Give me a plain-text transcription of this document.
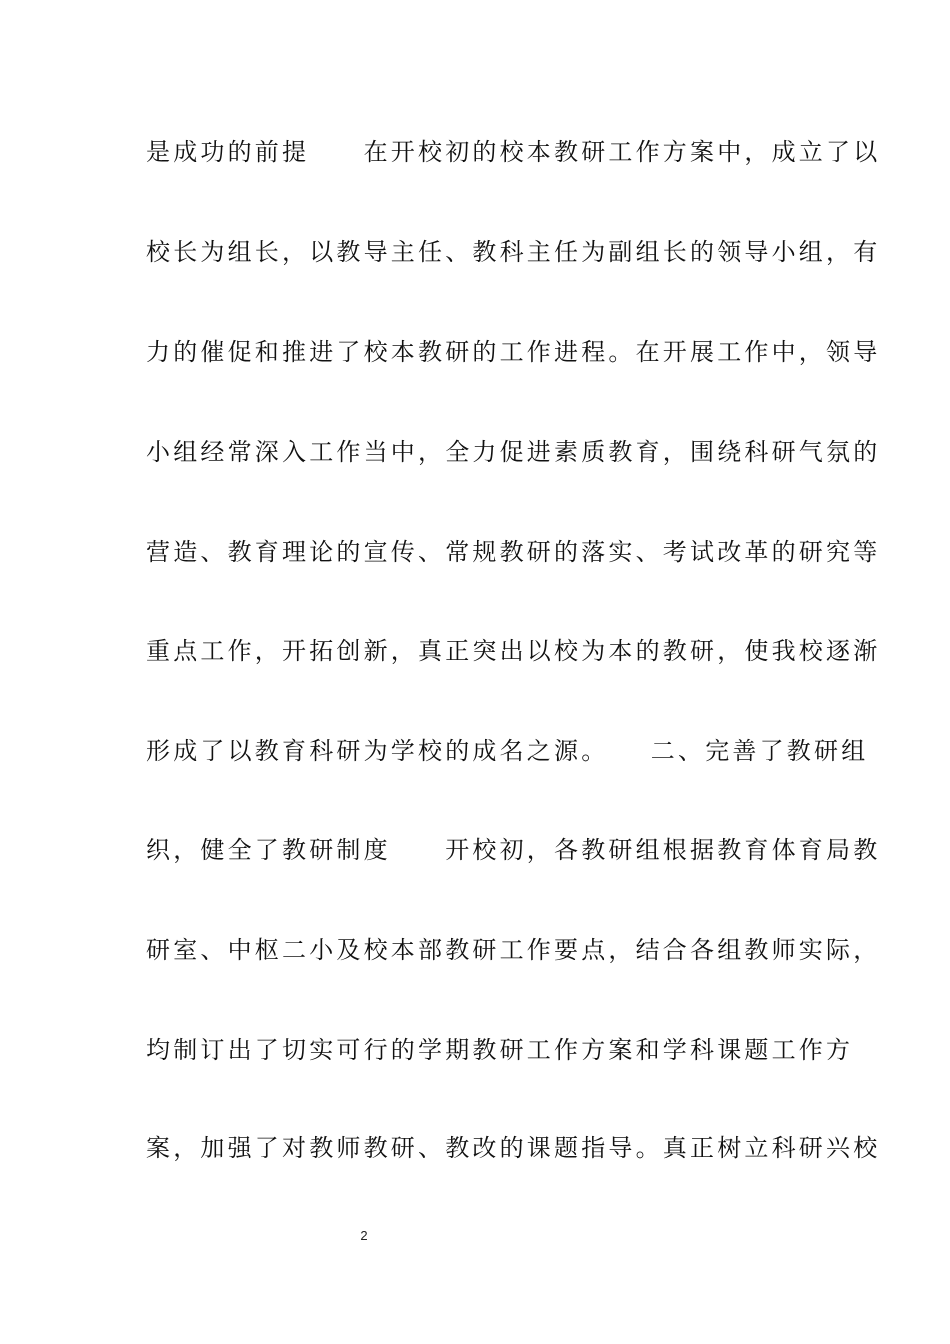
是成功的前提　　在开校初的校本教研工作方案中，成立了以
校长为组长，以教导主任、教科主任为副组长的领导小组，有
力的催促和推进了校本教研的工作进程。在开展工作中，领导
小组经常深入工作当中，全力促进素质教育，围绕科研气氛的
营造、教育理论的宣传、常规教研的落实、考试改革的研究等
重点工作，开拓创新，真正突出以校为本的教研，使我校逐渐
形成了以教育科研为学校的成名之源。　　二、完善了教研组
织，健全了教研制度　　开校初，各教研组根据教育体育局教
研室、中枢二小及校本部教研工作要点，结合各组教师实际，
均制订出了切实可行的学期教研工作方案和学科课题工作方
案，加强了对教师教研、教改的课题指导。真正树立科研兴校
2
